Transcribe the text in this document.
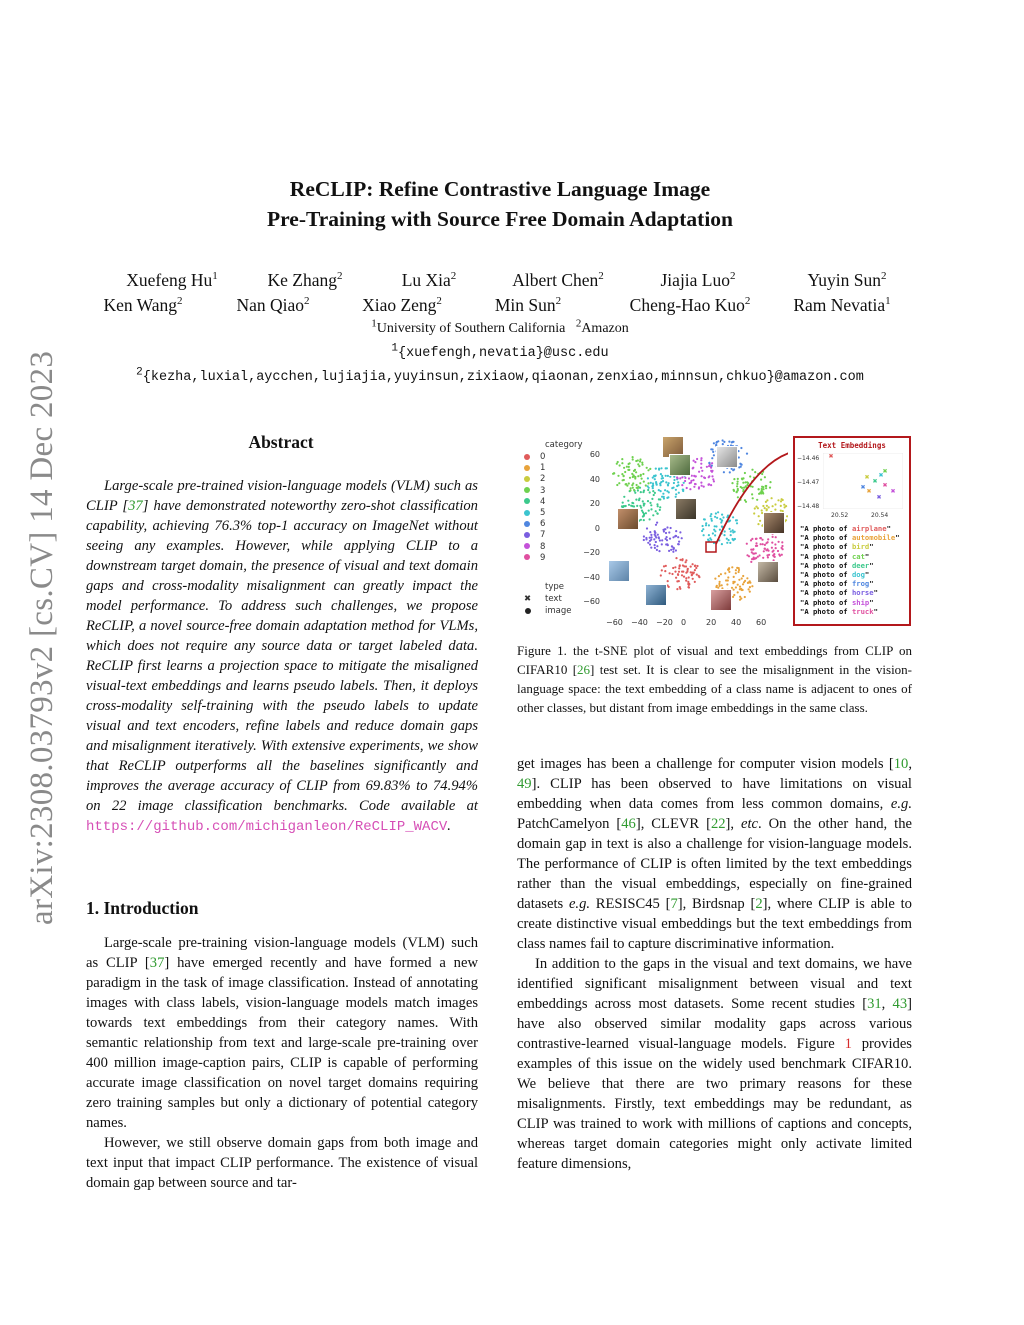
ReCLIP: Refine Contrastive Language Image
Pre-Training with Source Free Domain Adaptation
Xuefeng Hu$^1$	Ke Zhang$^2$	Lu Xia$^2$	Albert Chen$^2$	Jiajia Luo$^2$	Yuyin Sun$^2$
Ken Wang$^2$	Nan Qiao$^2$	Xiao Zeng$^2$	Min Sun$^2$	Cheng-Hao Kuo$^2$ Ram Nevatia$^1$
$^1$University of Southern California $^2$Amazon
$^1${xuefengh,nevatia}@usc.edu
$^2${kezha,luxial,aycchen,lujiajia,yuyinsun,zixiaow,qiaonan,zenxiao,minnsun,chkuo}@amazon.com
arXiv:2308.03793v2 [cs.CV] 14 Dec 2023	Abstract

Large-scale pre-trained vision-language models (VLM) such as CLIP [37] have demonstrated noteworthy zero-shot classification capability, achieving 76.3% top-1 accuracy on ImageNet without seeing any examples. However, while applying CLIP to a downstream target domain, the presence of visual and text domain gaps and cross-modality misalignment can greatly impact the model performance. To address such challenges, we propose ReCLIP, a novel source-free domain adaptation method for VLMs, which does not require any source data or target labeled data. ReCLIP first learns a projection space to mitigate the misaligned visual-text embeddings and learns pseudo labels. Then, it deploys cross-modality self-training with the pseudo labels to update visual and text encoders, refine labels and reduce domain gaps and misalignment iteratively. With extensive experiments, we show that ReCLIP outperforms all the baselines significantly and improves the average accuracy of CLIP from 69.83% to 74.94% on 22 image classification benchmarks. Code available at https://github.com/michiganleon/ReCLIP_WACV.

1. Introduction

Large-scale pre-training vision-language models (VLM) such as CLIP [37] have emerged recently and have formed a new paradigm in the task of image classification. Instead of annotating images with class labels, vision-language models match images towards text embeddings from their category names. With semantic relationship from text and large-scale pre-training over 400 million image-caption pairs, CLIP is capable of performing accurate image classification on novel target domains requiring zero training samples but only a dictionary of potential category names.

However, we still observe domain gaps from both image and text input that impact CLIP performance. The existence of visual domain gap between source and tar-

category
0
1
2
3
4
5
6
7
8
9
type
✖ text
image
60
40
20
0
−20
−40
−60
−60 −40 −20 0 20 40 60
Text Embeddings
−14.46
−14.47
−14.48
✖
✖
✖
✖
✖
✖
✖
✖
✖
✖
20.52	20.54
"A photo of airplane"
"A photo of automobile"
"A photo of bird"
"A photo of cat"
"A photo of deer"
"A photo of dog"
"A photo of frog"
"A photo of horse"
"A photo of ship"
"A photo of truck"
Figure 1. the t-SNE plot of visual and text embeddings from CLIP on CIFAR10 [26] test set. It is clear to see the misalignment in the vision-language space: the text embedding of a class name is adjacent to ones of other classes, but distant from image embeddings in the same class.

get images has been a challenge for computer vision models [10, 49]. CLIP has been observed to have limitations on visual embedding when data comes from less common domains, e.g. PatchCamelyon [46], CLEVR [22], etc. On the other hand, the domain gap in text is also a challenge for vision-language models. The performance of CLIP is often limited by the text embeddings rather than the visual embeddings, especially on fine-grained datasets e.g. RESISC45 [7], Birdsnap [2], where CLIP is able to create distinctive visual embeddings but the text embeddings from class names fail to capture discriminative information.

In addition to the gaps in the visual and text domains, we have identified significant misalignment between visual and text embeddings across most datasets. Some recent studies [31, 43] have also observed similar modality gaps across various contrastive-learned visual-language models. Figure 1 provides examples of this issue on the widely used benchmark CIFAR10. We believe that there are two primary reasons for these misalignments. Firstly, text embeddings may be redundant, as CLIP was trained to work with millions of captions and concepts, whereas target domain categories might only activate limited feature dimensions,
